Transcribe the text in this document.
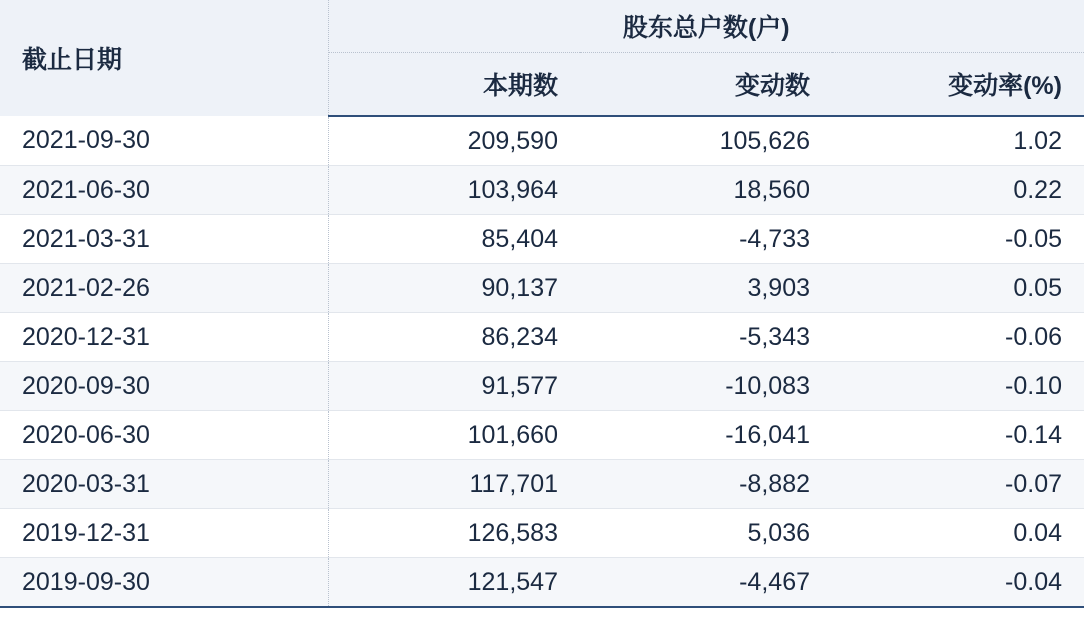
截止日期	股东总户数(户)		
	本期数	变动数	变动率(%)
2021-09-30	209,590	105,626	1.02
2021-06-30	103,964	18,560	0.22
2021-03-31	85,404	-4,733	-0.05
2021-02-26	90,137	3,903	0.05
2020-12-31	86,234	-5,343	-0.06
2020-09-30	91,577	-10,083	-0.10
2020-06-30	101,660	-16,041	-0.14
2020-03-31	117,701	-8,882	-0.07
2019-12-31	126,583	5,036	0.04
2019-09-30	121,547	-4,467	-0.04
